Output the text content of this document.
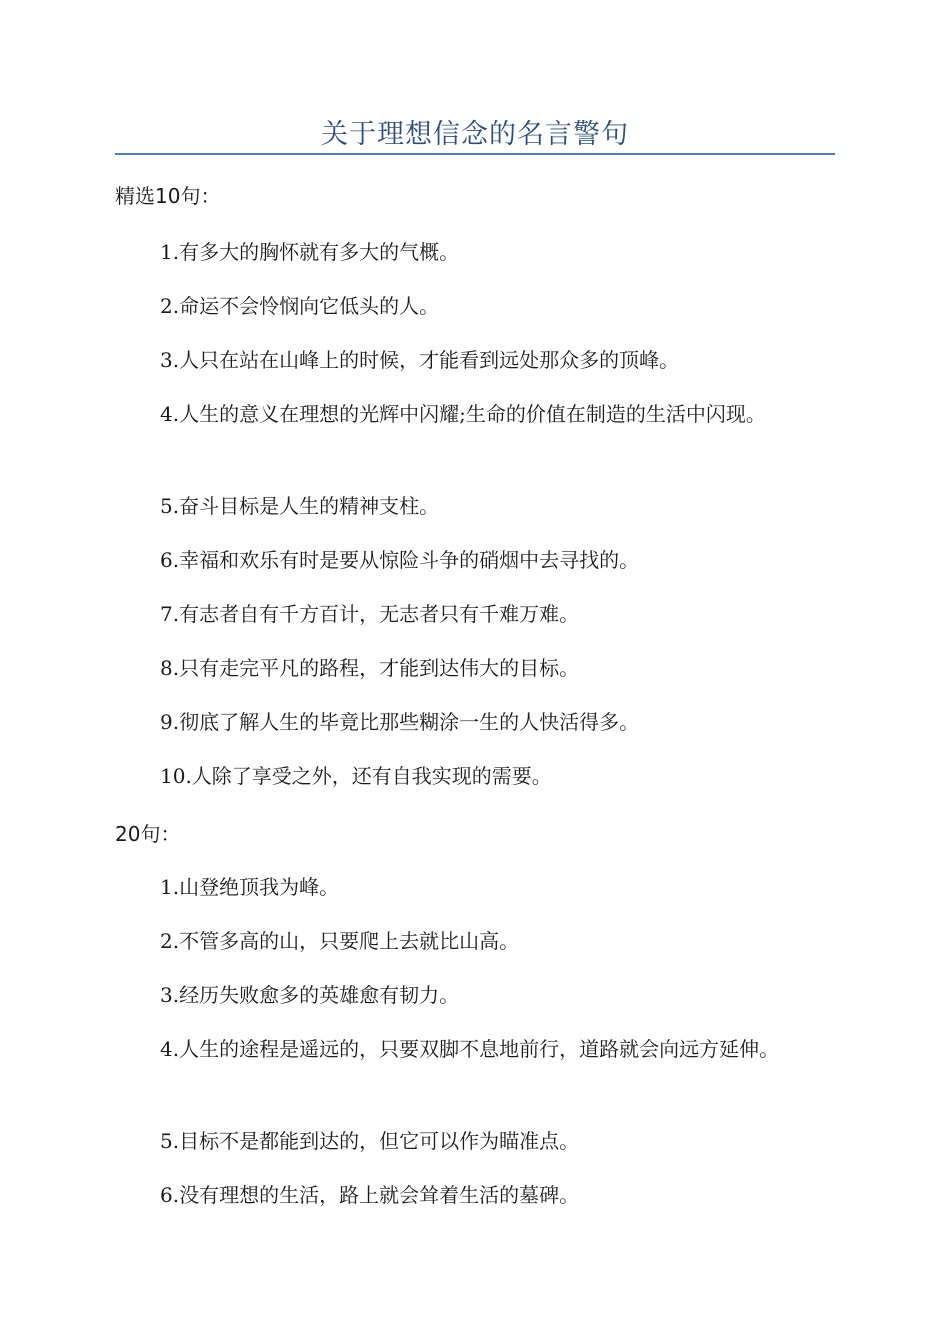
关于理想信念的名言警句
精选10句：
1.有多大的胸怀就有多大的气概。
2.命运不会怜悯向它低头的人。
3.人只在站在山峰上的时候，才能看到远处那众多的顶峰。
4.人生的意义在理想的光辉中闪耀;生命的价值在制造的生活中闪现。
5.奋斗目标是人生的精神支柱。
6.幸福和欢乐有时是要从惊险斗争的硝烟中去寻找的。
7.有志者自有千方百计，无志者只有千难万难。
8.只有走完平凡的路程，才能到达伟大的目标。
9.彻底了解人生的毕竟比那些糊涂一生的人快活得多。
10.人除了享受之外，还有自我实现的需要。
20句：
1.山登绝顶我为峰。
2.不管多高的山，只要爬上去就比山高。
3.经历失败愈多的英雄愈有韧力。
4.人生的途程是遥远的，只要双脚不息地前行，道路就会向远方延伸。
5.目标不是都能到达的，但它可以作为瞄准点。
6.没有理想的生活，路上就会耸着生活的墓碑。
